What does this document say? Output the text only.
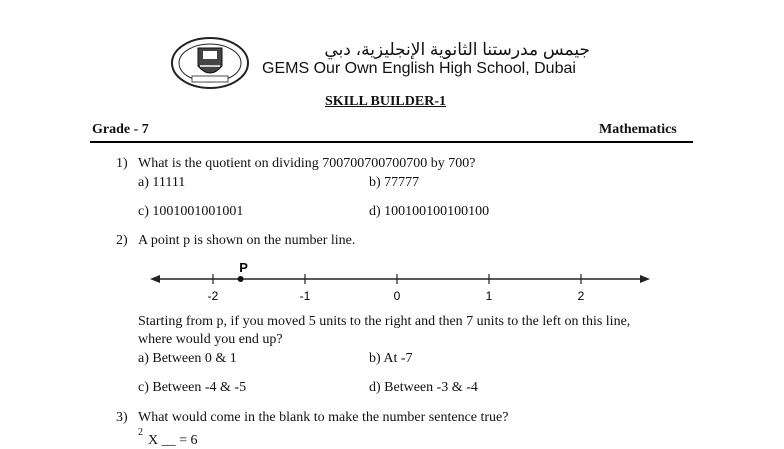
جيمس مدرستنا الثانوية الإنجليزية، دبي
GEMS Our Own English High School, Dubai
SKILL BUILDER-1
Grade - 7	Mathematics
1) What is the quotient on dividing 700700700700700 by 700?
a) 11111	b) 77777
c) 1001001001001	d) 100100100100100
2) A point p is shown on the number line.
-2	-1	0	1	2
P
Starting from p, if you moved 5 units to the right and then 7 units to the left on this line,
where would you end up?
a) Between 0 & 1	b) At -7
c) Between -4 & -5	d) Between -3 & -4
3) What would come in the blank to make the number sentence true?
2
X __ = 6
